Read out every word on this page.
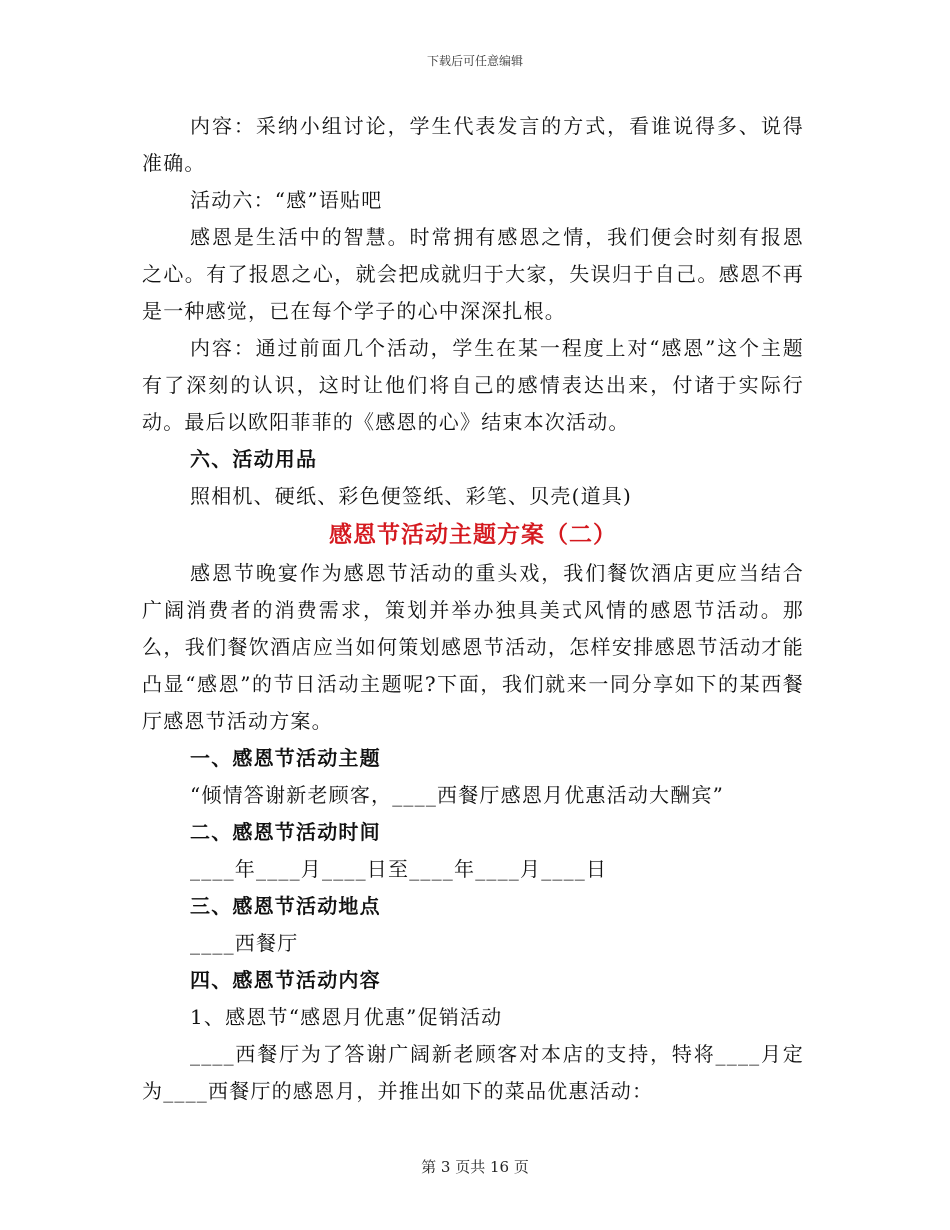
下载后可任意编辑

内容：采纳小组讨论，学生代表发言的方式，看谁说得多、说得准确。

活动六：“感”语贴吧

感恩是生活中的智慧。时常拥有感恩之情，我们便会时刻有报恩之心。有了报恩之心，就会把成就归于大家，失误归于自己。感恩不再是一种感觉，已在每个学子的心中深深扎根。

内容：通过前面几个活动，学生在某一程度上对“感恩”这个主题有了深刻的认识，这时让他们将自己的感情表达出来，付诸于实际行动。最后以欧阳菲菲的《感恩的心》结束本次活动。

六、活动用品

照相机、硬纸、彩色便签纸、彩笔、贝壳(道具)

感恩节活动主题方案（二）

感恩节晚宴作为感恩节活动的重头戏，我们餐饮酒店更应当结合广阔消费者的消费需求，策划并举办独具美式风情的感恩节活动。那么，我们餐饮酒店应当如何策划感恩节活动，怎样安排感恩节活动才能凸显“感恩”的节日活动主题呢?下面，我们就来一同分享如下的某西餐厅感恩节活动方案。

一、感恩节活动主题

“倾情答谢新老顾客，____西餐厅感恩月优惠活动大酬宾”

二、感恩节活动时间

____年____月____日至____年____月____日

三、感恩节活动地点

____西餐厅

四、感恩节活动内容

1、感恩节“感恩月优惠”促销活动

____西餐厅为了答谢广阔新老顾客对本店的支持，特将____月定为____西餐厅的感恩月，并推出如下的菜品优惠活动：

第 3 页共 16 页
